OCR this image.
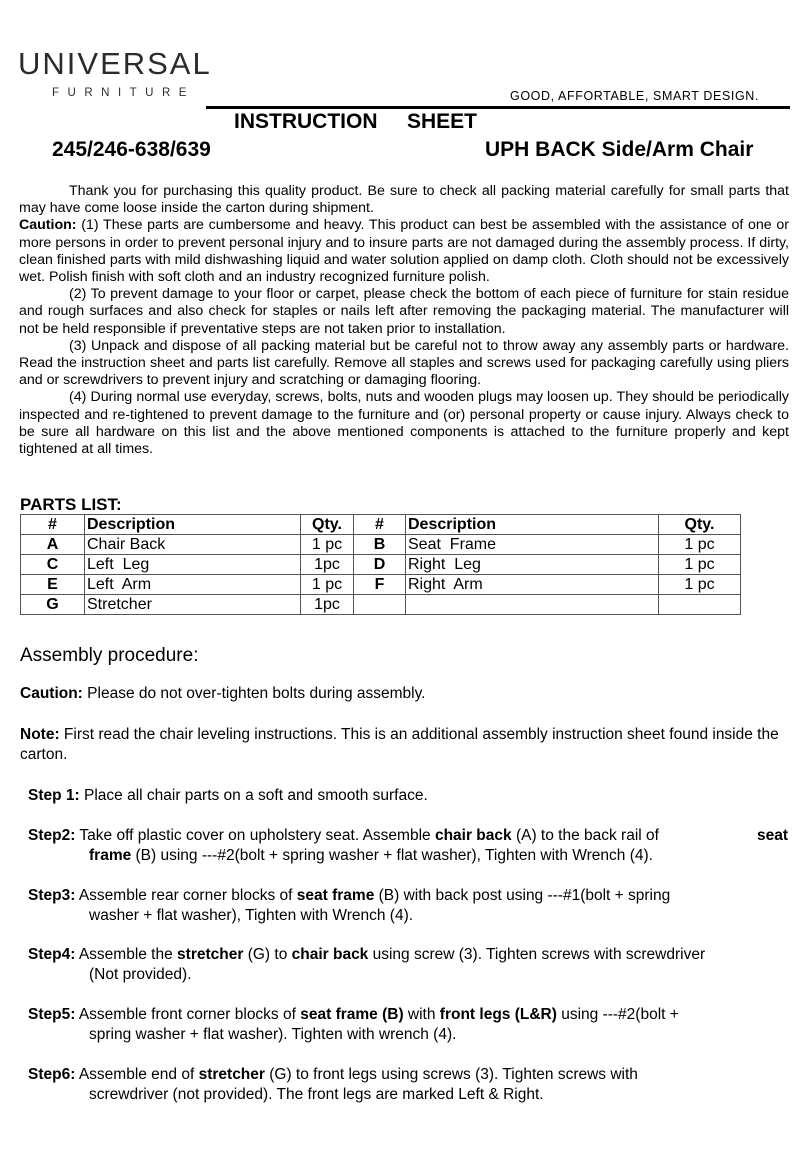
UNIVERSAL
FURNITURE	GOOD, AFFORTABLE, SMART DESIGN.
INSTRUCTION   SHEET
245/246-638/639	UPH BACK Side/Arm Chair

Thank you for purchasing this quality product. Be sure to check all packing material carefully for small parts that may have come loose inside the carton during shipment.

Caution: (1) These parts are cumbersome and heavy. This product can best be assembled with the assistance of one or more persons in order to prevent personal injury and to insure parts are not damaged during the assembly process. If dirty, clean finished parts with mild dishwashing liquid and water solution applied on damp cloth. Cloth should not be excessively wet. Polish finish with soft cloth and an industry recognized furniture polish.

(2) To prevent damage to your floor or carpet, please check the bottom of each piece of furniture for stain residue and rough surfaces and also check for staples or nails left after removing the packaging material. The manufacturer will not be held responsible if preventative steps are not taken prior to installation.

(3) Unpack and dispose of all packing material but be careful not to throw away any assembly parts or hardware. Read the instruction sheet and parts list carefully. Remove all staples and screws used for packaging carefully using pliers and or screwdrivers to prevent injury and scratching or damaging flooring.

(4) During normal use everyday, screws, bolts, nuts and wooden plugs may loosen up. They should be periodically inspected and re-tightened to prevent damage to the furniture and (or) personal property or cause injury. Always check to be sure all hardware on this list and the above mentioned components is attached to the furniture properly and kept tightened at all times.

PARTS LIST:
#	Description	Qty.	#	Description	Qty.
A	Chair Back	1 pc	B	Seat  Frame	1 pc
C	Left  Leg	1pc	D	Right  Leg	1 pc
E	Left  Arm	1 pc	F	Right  Arm	1 pc
G	Stretcher	1pc			
Assembly procedure:
Caution: Please do not over-tighten bolts during assembly.
Note: First read the chair leveling instructions. This is an additional assembly instruction sheet found inside the carton.
Step 1: Place all chair parts on a soft and smooth surface.
Step2: Take off plastic cover on upholstery seat. Assemble chair back (A) to the back rail of	seat
frame (B) using ---#2(bolt + spring washer + flat washer), Tighten with Wrench (4).
Step3: Assemble rear corner blocks of seat frame (B) with back post using ---#1(bolt + spring
washer + flat washer), Tighten with Wrench (4).
Step4: Assemble the stretcher (G) to chair back using screw (3). Tighten screws with screwdriver
(Not provided).
Step5: Assemble front corner blocks of seat frame (B) with front legs (L&R) using ---#2(bolt +
spring washer + flat washer). Tighten with wrench (4).
Step6: Assemble end of stretcher (G) to front legs using screws (3). Tighten screws with
screwdriver (not provided). The front legs are marked Left & Right.
